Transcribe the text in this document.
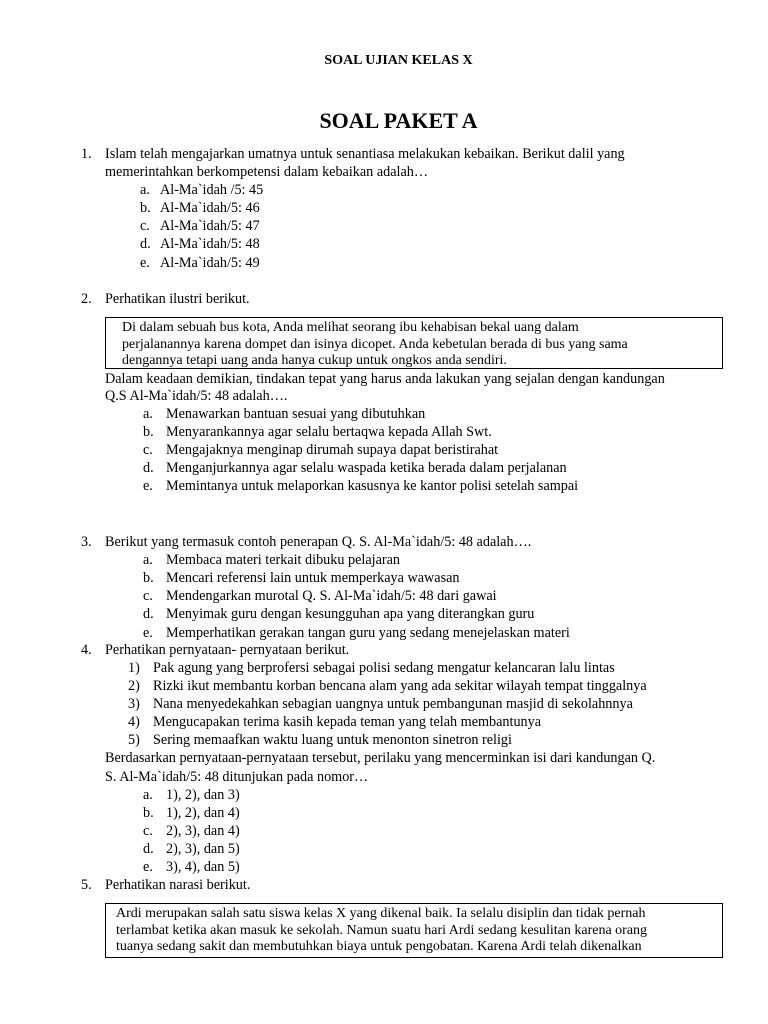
SOAL UJIAN KELAS X
SOAL PAKET A
1. Islam telah mengajarkan umatnya untuk senantiasa melakukan kebaikan. Berikut dalil yang
memerintahkan berkompetensi dalam kebaikan adalah…
a. Al-Ma`idah /5: 45
b. Al-Ma`idah/5: 46
c. Al-Ma`idah/5: 47
d. Al-Ma`idah/5: 48
e. Al-Ma`idah/5: 49
2. Perhatikan ilustri berikut.
Di dalam sebuah bus kota, Anda melihat seorang ibu kehabisan bekal uang dalam
perjalanannya karena dompet dan isinya dicopet. Anda kebetulan berada di bus yang sama
dengannya tetapi uang anda hanya cukup untuk ongkos anda sendiri.
Dalam keadaan demikian, tindakan tepat yang harus anda lakukan yang sejalan dengan kandungan
Q.S Al-Ma`idah/5: 48 adalah….
a. Menawarkan bantuan sesuai yang dibutuhkan
b. Menyarankannya agar selalu bertaqwa kepada Allah Swt.
c. Mengajaknya menginap dirumah supaya dapat beristirahat
d. Menganjurkannya agar selalu waspada ketika berada dalam perjalanan
e. Memintanya untuk melaporkan kasusnya ke kantor polisi setelah sampai
3. Berikut yang termasuk contoh penerapan Q. S. Al-Ma`idah/5: 48 adalah….
a. Membaca materi terkait dibuku pelajaran
b. Mencari referensi lain untuk memperkaya wawasan
c. Mendengarkan murotal Q. S. Al-Ma`idah/5: 48 dari gawai
d. Menyimak guru dengan kesungguhan apa yang diterangkan guru
e. Memperhatikan gerakan tangan guru yang sedang menejelaskan materi
4. Perhatikan pernyataan- pernyataan berikut.
1) Pak agung yang berprofersi sebagai polisi sedang mengatur kelancaran lalu lintas
2) Rizki ikut membantu korban bencana alam yang ada sekitar wilayah tempat tinggalnya
3) Nana menyedekahkan sebagian uangnya untuk pembangunan masjid di sekolahnnya
4) Mengucapakan terima kasih kepada teman yang telah membantunya
5) Sering memaafkan waktu luang untuk menonton sinetron religi
Berdasarkan pernyataan-pernyataan tersebut, perilaku yang mencerminkan isi dari kandungan Q.
S. Al-Ma`idah/5: 48 ditunjukan pada nomor…
a. 1), 2), dan 3)
b. 1), 2), dan 4)
c. 2), 3), dan 4)
d. 2), 3), dan 5)
e. 3), 4), dan 5)
5. Perhatikan narasi berikut.
Ardi merupakan salah satu siswa kelas X yang dikenal baik. Ia selalu disiplin dan tidak pernah
terlambat ketika akan masuk ke sekolah. Namun suatu hari Ardi sedang kesulitan karena orang
tuanya sedang sakit dan membutuhkan biaya untuk pengobatan. Karena Ardi telah dikenalkan
